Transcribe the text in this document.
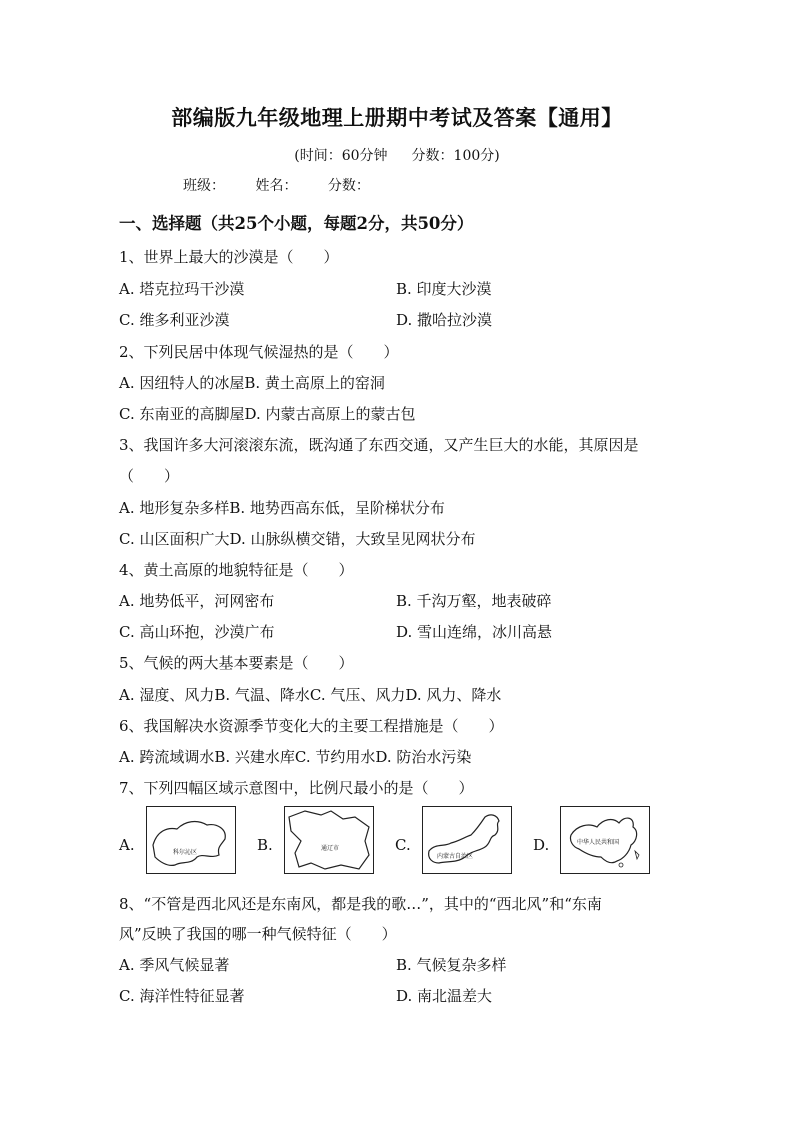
部编版九年级地理上册期中考试及答案【通用】
(时间：60分钟 分数：100分)
班级： 姓名： 分数：
一、选择题（共25个小题，每题2分，共50分）
1、世界上最大的沙漠是（　　）
A. 塔克拉玛干沙漠	B. 印度大沙漠
C. 维多利亚沙漠	D. 撒哈拉沙漠
2、下列民居中体现气候湿热的是（　　）
A. 因纽特人的冰屋B. 黄土高原上的窑洞
C. 东南亚的高脚屋D. 内蒙古高原上的蒙古包
3、我国许多大河滚滚东流，既沟通了东西交通，又产生巨大的水能，其原因是
（　　）
A. 地形复杂多样B. 地势西高东低，呈阶梯状分布
C. 山区面积广大D. 山脉纵横交错，大致呈见网状分布
4、黄土高原的地貌特征是（　　）
A. 地势低平，河网密布	B. 千沟万壑，地表破碎
C. 高山环抱，沙漠广布	D. 雪山连绵，冰川高悬
5、气候的两大基本要素是（　　）
A. 湿度、风力B. 气温、降水C. 气压、风力D. 风力、降水
6、我国解决水资源季节变化大的主要工程措施是（　　）
A. 跨流域调水B. 兴建水库C. 节约用水D. 防治水污染
7、下列四幅区域示意图中，比例尺最小的是（　　）
A.	科尔沁区	B.	通辽市	C.
内蒙古自治区
D.	中华人民共和国
8、“不管是西北风还是东南风，都是我的歌…”，其中的“西北风”和“东南
风”反映了我国的哪一种气候特征（　　）
A. 季风气候显著	B. 气候复杂多样
C. 海洋性特征显著	D. 南北温差大
